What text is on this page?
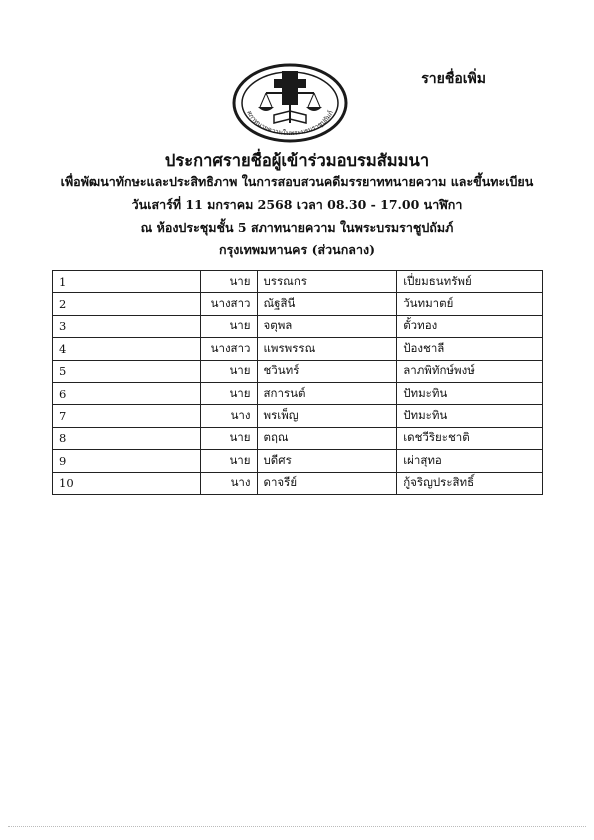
รายชื่อเพิ่ม
สภาทนายความในพระบรมราชูปถัมภ์
ประกาศรายชื่อผู้เข้าร่วมอบรมสัมมนา
เพื่อพัฒนาทักษะและประสิทธิภาพ ในการสอบสวนคดีมรรยาททนายความ และขึ้นทะเบียน
วันเสาร์ที่ 11 มกราคม 2568 เวลา 08.30 - 17.00 นาฬิกา
ณ ห้องประชุมชั้น 5 สภาทนายความ ในพระบรมราชูปถัมภ์
กรุงเทพมหานคร (ส่วนกลาง)
1	นาย	บรรณกร	เปี่ยมธนทรัพย์
2	นางสาว	ณัฐสินี	วันทมาตย์
3	นาย	จตุพล	ตั้วทอง
4	นางสาว	แพรพรรณ	ป้องชาลี
5	นาย	ชวินทร์	ลาภพิทักษ์พงษ์
6	นาย	สการนต์	ปัทมะทิน
7	นาง	พรเพ็ญ	ปัทมะทิน
8	นาย	ตฤณ	เดชวีริยะชาติ
9	นาย	บดีศร	เผ่าสุทอ
10	นาง	ดาจรีย์	กู้จริญประสิทธิ์
